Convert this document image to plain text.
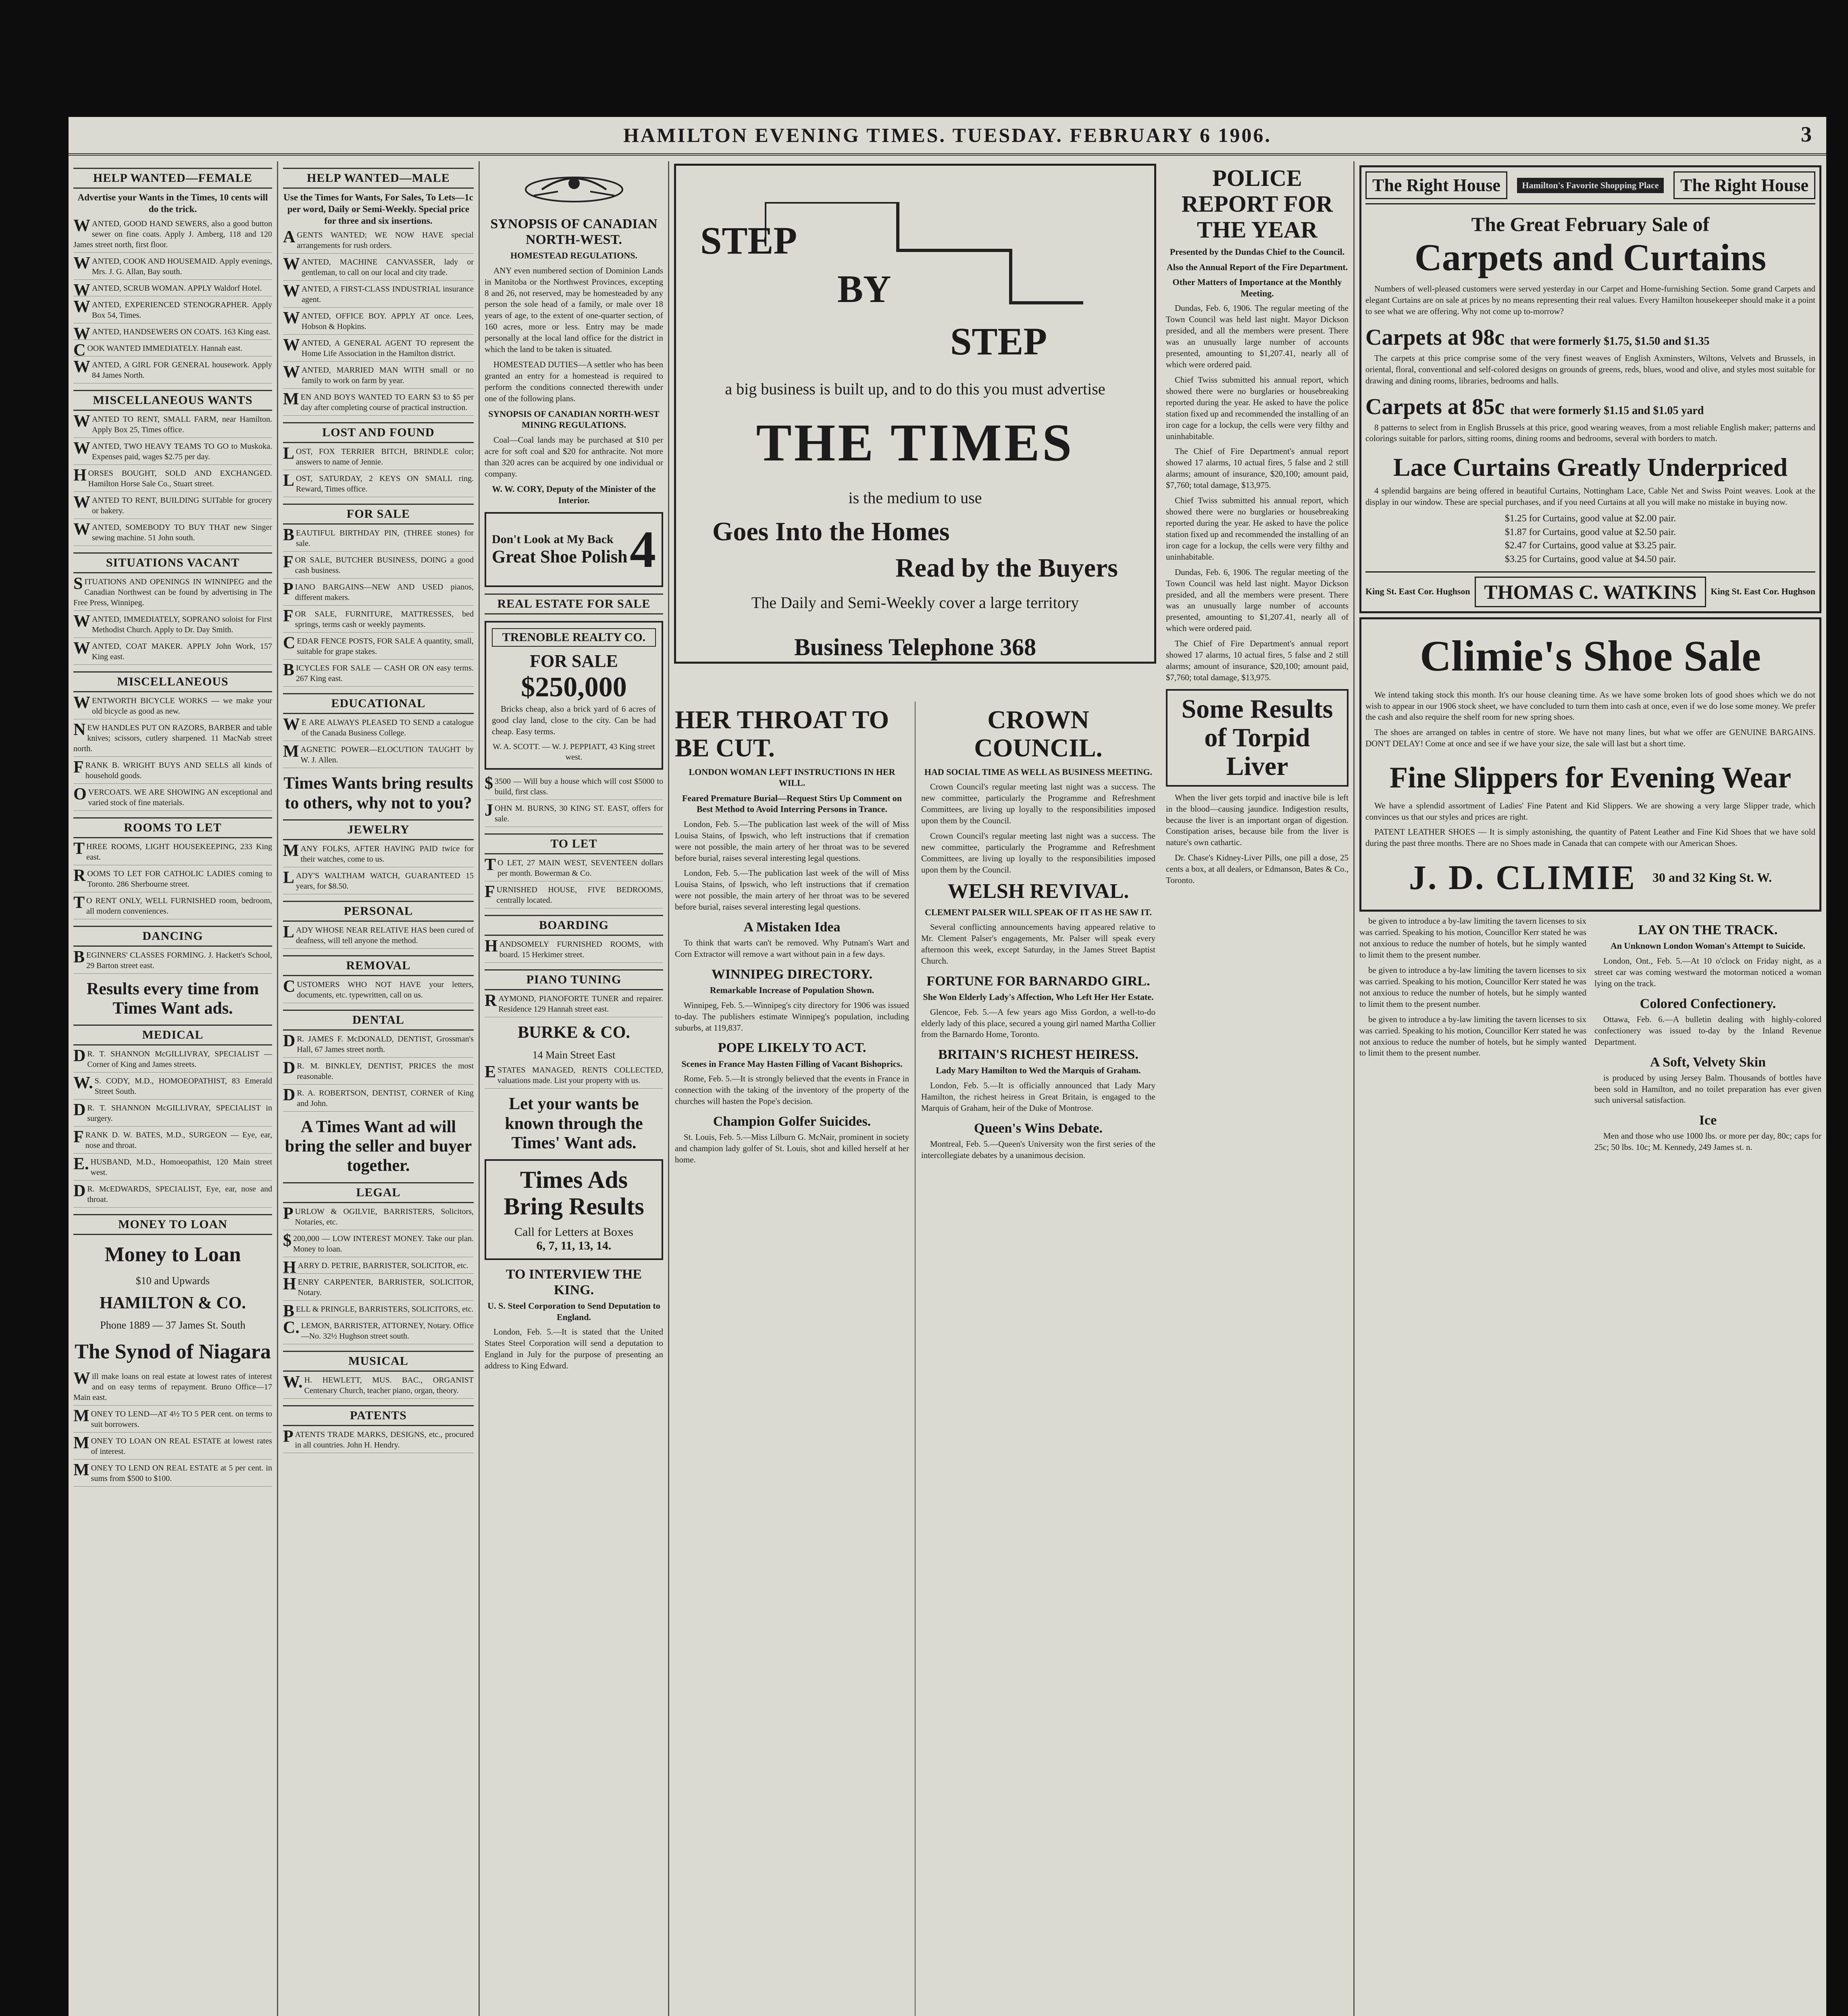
HAMILTON EVENING TIMES. TUESDAY. FEBRUARY 6 1906.	3
HELP WANTED—FEMALE
Advertise your Wants in the Times, 10 cents will do the trick.
WANTED, GOOD HAND SEWERS, also a good button sewer on fine coats. Apply J. Amberg, 118 and 120 James street north, first floor.
WANTED, COOK AND HOUSEMAID. Apply evenings, Mrs. J. G. Allan, Bay south.
WANTED, SCRUB WOMAN. APPLY Waldorf Hotel.
WANTED, EXPERIENCED STENOGRAPHER. Apply Box 54, Times.
WANTED, HANDSEWERS ON COATS. 163 King east.
COOK WANTED IMMEDIATELY. Hannah east.
WANTED, A GIRL FOR GENERAL housework. Apply 84 James North.
MISCELLANEOUS WANTS
WANTED TO RENT, SMALL FARM, near Hamilton. Apply Box 25, Times office.
WANTED, TWO HEAVY TEAMS TO GO to Muskoka. Expenses paid, wages $2.75 per day.
HORSES BOUGHT, SOLD AND EXCHANGED. Hamilton Horse Sale Co., Stuart street.
WANTED TO RENT, BUILDING SUITable for grocery or bakery.
WANTED, SOMEBODY TO BUY THAT new Singer sewing machine. 51 John south.
SITUATIONS VACANT
SITUATIONS AND OPENINGS IN WINNIPEG and the Canadian Northwest can be found by advertising in The Free Press, Winnipeg.
WANTED, IMMEDIATELY, SOPRANO soloist for First Methodist Church. Apply to Dr. Day Smith.
WANTED, COAT MAKER. APPLY John Work, 157 King east.
MISCELLANEOUS
WENTWORTH BICYCLE WORKS — we make your old bicycle as good as new.
NEW HANDLES PUT ON RAZORS, BARBER and table knives; scissors, cutlery sharpened. 11 MacNab street north.
FRANK B. WRIGHT BUYS AND SELLS all kinds of household goods.
OVERCOATS. WE ARE SHOWING AN exceptional and varied stock of fine materials.
ROOMS TO LET
THREE ROOMS, LIGHT HOUSEKEEPING, 233 King east.
ROOMS TO LET FOR CATHOLIC LADIES coming to Toronto. 286 Sherbourne street.
TO RENT ONLY, WELL FURNISHED room, bedroom, all modern conveniences.
DANCING
BEGINNERS' CLASSES FORMING. J. Hackett's School, 29 Barton street east.
Results every time from Times Want ads.
MEDICAL
DR. T. SHANNON McGILLIVRAY, SPECIALIST — Corner of King and James streets.
W.S. CODY, M.D., HOMOEOPATHIST, 83 Emerald Street South.
DR. T. SHANNON McGILLIVRAY, SPECIALIST in surgery.
FRANK D. W. BATES, M.D., SURGEON — Eye, ear, nose and throat.
E.HUSBAND, M.D., Homoeopathist, 120 Main street west.
DR. McEDWARDS, SPECIALIST, Eye, ear, nose and throat.
MONEY TO LOAN
Money to Loan
$10 and Upwards
HAMILTON & CO.
Phone 1889 — 37 James St. South
The Synod of Niagara
Will make loans on real estate at lowest rates of interest and on easy terms of repayment. Bruno Office—17 Main east.
MONEY TO LEND—AT 4½ TO 5 PER cent. on terms to suit borrowers.
MONEY TO LOAN ON REAL ESTATE at lowest rates of interest.
MONEY TO LEND ON REAL ESTATE at 5 per cent. in sums from $500 to $100.
HELP WANTED—MALE
Use the Times for Wants, For Sales, To Lets—1c per word, Daily or Semi-Weekly. Special price for three and six insertions.
AGENTS WANTED; WE NOW HAVE special arrangements for rush orders.
WANTED, MACHINE CANVASSER, lady or gentleman, to call on our local and city trade.
WANTED, A FIRST-CLASS INDUSTRIAL insurance agent.
WANTED, OFFICE BOY. APPLY AT once. Lees, Hobson & Hopkins.
WANTED, A GENERAL AGENT TO represent the Home Life Association in the Hamilton district.
WANTED, MARRIED MAN WITH small or no family to work on farm by year.
MEN AND BOYS WANTED TO EARN $3 to $5 per day after completing course of practical instruction.
LOST AND FOUND
LOST, FOX TERRIER BITCH, BRINDLE color; answers to name of Jennie.
LOST, SATURDAY, 2 KEYS ON SMALL ring. Reward, Times office.
FOR SALE
BEAUTIFUL BIRTHDAY PIN, (THREE stones) for sale.
FOR SALE, BUTCHER BUSINESS, DOING a good cash business.
PIANO BARGAINS—NEW AND USED pianos, different makers.
FOR SALE, FURNITURE, MATTRESSES, bed springs, terms cash or weekly payments.
CEDAR FENCE POSTS, FOR SALE A quantity, small, suitable for grape stakes.
BICYCLES FOR SALE — CASH OR ON easy terms. 267 King east.
EDUCATIONAL
WE ARE ALWAYS PLEASED TO SEND a catalogue of the Canada Business College.
MAGNETIC POWER—ELOCUTION TAUGHT by W. J. Allen.
Times Wants bring results to others, why not to you?
JEWELRY
MANY FOLKS, AFTER HAVING PAID twice for their watches, come to us.
LADY'S WALTHAM WATCH, GUARANTEED 15 years, for $8.50.
PERSONAL
LADY WHOSE NEAR RELATIVE HAS been cured of deafness, will tell anyone the method.
REMOVAL
CUSTOMERS WHO NOT HAVE your letters, documents, etc. typewritten, call on us.
DENTAL
DR. JAMES F. McDONALD, DENTIST, Grossman's Hall, 67 James street north.
DR. M. BINKLEY, DENTIST, PRICES the most reasonable.
DR. A. ROBERTSON, DENTIST, CORNER of King and John.
A Times Want ad will bring the seller and buyer together.
LEGAL
PURLOW & OGILVIE, BARRISTERS, Solicitors, Notaries, etc.
$200,000 — LOW INTEREST MONEY. Take our plan. Money to loan.
HARRY D. PETRIE, BARRISTER, SOLICITOR, etc.
HENRY CARPENTER, BARRISTER, SOLICITOR, Notary.
BELL & PRINGLE, BARRISTERS, SOLICITORS, etc.
C.LEMON, BARRISTER, ATTORNEY, Notary. Office—No. 32½ Hughson street south.
MUSICAL
W.H. HEWLETT, MUS. BAC., ORGANIST Centenary Church, teacher piano, organ, theory.
PATENTS
PATENTS TRADE MARKS, DESIGNS, etc., procured in all countries. John H. Hendry.
SYNOPSIS OF CANADIAN NORTH-WEST.
HOMESTEAD REGULATIONS.

ANY even numbered section of Dominion Lands in Manitoba or the Northwest Provinces, excepting 8 and 26, not reserved, may be homesteaded by any person the sole head of a family, or male over 18 years of age, to the extent of one-quarter section, of 160 acres, more or less. Entry may be made personally at the local land office for the district in which the land to be taken is situated.

HOMESTEAD DUTIES—A settler who has been granted an entry for a homestead is required to perform the conditions connected therewith under one of the following plans.

SYNOPSIS OF CANADIAN NORTH-WEST MINING REGULATIONS.

Coal—Coal lands may be purchased at $10 per acre for soft coal and $20 for anthracite. Not more than 320 acres can be acquired by one individual or company.

W. W. CORY, Deputy of the Minister of the Interior.
Don't Look at My Back
Great Shoe Polish 4
REAL ESTATE FOR SALE
TRENOBLE REALTY CO.
FOR SALE
$250,000

Bricks cheap, also a brick yard of 6 acres of good clay land, close to the city. Can be had cheap. Easy terms.

W. A. SCOTT. — W. J. PEPPIATT, 43 King street west.
$3500 — Will buy a house which will cost $5000 to build, first class.
JOHN M. BURNS, 30 KING ST. EAST, offers for sale.
TO LET
TO LET, 27 MAIN WEST, SEVENTEEN dollars per month. Bowerman & Co.
FURNISHED HOUSE, FIVE BEDROOMS, centrally located.
BOARDING
HANDSOMELY FURNISHED ROOMS, with board. 15 Herkimer street.
PIANO TUNING
RAYMOND, PIANOFORTE TUNER and repairer. Residence 129 Hannah street east.
BURKE & CO.
14 Main Street East
ESTATES MANAGED, RENTS COLLECTED, valuations made. List your property with us.
Let your wants be known through the Times' Want ads.
Times Ads Bring Results
Call for Letters at Boxes
6, 7, 11, 13, 14.
TO INTERVIEW THE KING.
U. S. Steel Corporation to Send Deputation to England.

London, Feb. 5.—It is stated that the United States Steel Corporation will send a deputation to England in July for the purpose of presenting an address to King Edward.

STEP
BY
STEP
a big business is built up, and to do this you must advertise
THE TIMES
is the medium to use
Goes Into the Homes
Read by the Buyers
The Daily and Semi-Weekly cover a large territory
Business Telephone 368
HER THROAT TO BE CUT.
LONDON WOMAN LEFT INSTRUCTIONS IN HER WILL.
Feared Premature Burial—Request Stirs Up Comment on Best Method to Avoid Interring Persons in Trance.

London, Feb. 5.—The publication last week of the will of Miss Louisa Stains, of Ipswich, who left instructions that if cremation were not possible, the main artery of her throat was to be severed before burial, raises several interesting legal questions.

London, Feb. 5.—The publication last week of the will of Miss Louisa Stains, of Ipswich, who left instructions that if cremation were not possible, the main artery of her throat was to be severed before burial, raises several interesting legal questions.

A Mistaken Idea

To think that warts can't be removed. Why Putnam's Wart and Corn Extractor will remove a wart without pain in a few days.

WINNIPEG DIRECTORY.
Remarkable Increase of Population Shown.

Winnipeg, Feb. 5.—Winnipeg's city directory for 1906 was issued to-day. The publishers estimate Winnipeg's population, including suburbs, at 119,837.

POPE LIKELY TO ACT.
Scenes in France May Hasten Filling of Vacant Bishoprics.

Rome, Feb. 5.—It is strongly believed that the events in France in connection with the taking of the inventory of the property of the churches will hasten the Pope's decision.

Champion Golfer Suicides.

St. Louis, Feb. 5.—Miss Lilburn G. McNair, prominent in society and champion lady golfer of St. Louis, shot and killed herself at her home.

CROWN COUNCIL.
HAD SOCIAL TIME AS WELL AS BUSINESS MEETING.

Crown Council's regular meeting last night was a success. The new committee, particularly the Programme and Refreshment Committees, are living up loyally to the responsibilities imposed upon them by the Council.

Crown Council's regular meeting last night was a success. The new committee, particularly the Programme and Refreshment Committees, are living up loyally to the responsibilities imposed upon them by the Council.

WELSH REVIVAL.
CLEMENT PALSER WILL SPEAK OF IT AS HE SAW IT.

Several conflicting announcements having appeared relative to Mr. Clement Palser's engagements, Mr. Palser will speak every afternoon this week, except Saturday, in the James Street Baptist Church.

FORTUNE FOR BARNARDO GIRL.
She Won Elderly Lady's Affection, Who Left Her Her Estate.

Glencoe, Feb. 5.—A few years ago Miss Gordon, a well-to-do elderly lady of this place, secured a young girl named Martha Collier from the Barnardo Home, Toronto.

BRITAIN'S RICHEST HEIRESS.
Lady Mary Hamilton to Wed the Marquis of Graham.

London, Feb. 5.—It is officially announced that Lady Mary Hamilton, the richest heiress in Great Britain, is engaged to the Marquis of Graham, heir of the Duke of Montrose.

Queen's Wins Debate.

Montreal, Feb. 5.—Queen's University won the first series of the intercollegiate debates by a unanimous decision.

POLICE REPORT FOR THE YEAR
Presented by the Dundas Chief to the Council.
Also the Annual Report of the Fire Department.
Other Matters of Importance at the Monthly Meeting.

Dundas, Feb. 6, 1906. The regular meeting of the Town Council was held last night. Mayor Dickson presided, and all the members were present. There was an unusually large number of accounts presented, amounting to $1,207.41, nearly all of which were ordered paid.

Chief Twiss submitted his annual report, which showed there were no burglaries or housebreaking reported during the year. He asked to have the police station fixed up and recommended the installing of an iron cage for a lockup, the cells were very filthy and uninhabitable.

The Chief of Fire Department's annual report showed 17 alarms, 10 actual fires, 5 false and 2 still alarms; amount of insurance, $20,100; amount paid, $7,760; total damage, $13,975.

Chief Twiss submitted his annual report, which showed there were no burglaries or housebreaking reported during the year. He asked to have the police station fixed up and recommended the installing of an iron cage for a lockup, the cells were very filthy and uninhabitable.

Dundas, Feb. 6, 1906. The regular meeting of the Town Council was held last night. Mayor Dickson presided, and all the members were present. There was an unusually large number of accounts presented, amounting to $1,207.41, nearly all of which were ordered paid.

The Chief of Fire Department's annual report showed 17 alarms, 10 actual fires, 5 false and 2 still alarms; amount of insurance, $20,100; amount paid, $7,760; total damage, $13,975.

Some Results of Torpid Liver

When the liver gets torpid and inactive bile is left in the blood—causing jaundice. Indigestion results, because the liver is an important organ of digestion. Constipation arises, because bile from the liver is nature's own cathartic.

Dr. Chase's Kidney-Liver Pills, one pill a dose, 25 cents a box, at all dealers, or Edmanson, Bates & Co., Toronto.

The Right House	Hamilton's Favorite Shopping Place	The Right House
The Great February Sale of
Carpets and Curtains

Numbers of well-pleased customers were served yesterday in our Carpet and Home-furnishing Section. Some grand Carpets and elegant Curtains are on sale at prices by no means representing their real values. Every Hamilton housekeeper should make it a point to see what we are offering. Why not come up to-morrow?

Carpets at 98c that were formerly $1.75, $1.50 and $1.35

The carpets at this price comprise some of the very finest weaves of English Axminsters, Wiltons, Velvets and Brussels, in oriental, floral, conventional and self-colored designs on grounds of greens, reds, blues, wood and olive, and styles most suitable for drawing and dining rooms, libraries, bedrooms and halls.

Carpets at 85c that were formerly $1.15 and $1.05 yard

8 patterns to select from in English Brussels at this price, good wearing weaves, from a most reliable English maker; patterns and colorings suitable for parlors, sitting rooms, dining rooms and bedrooms, several with borders to match.

Lace Curtains Greatly Underpriced

4 splendid bargains are being offered in beautiful Curtains, Nottingham Lace, Cable Net and Swiss Point weaves. Look at the display in our window. These are special purchases, and if you need Curtains at all you will make no mistake in buying now.

$1.25 for Curtains, good value at $2.00 pair.
$1.87 for Curtains, good value at $2.50 pair.
$2.47 for Curtains, good value at $3.25 pair.
$3.25 for Curtains, good value at $4.50 pair.
King St. East Cor. Hughson THOMAS C. WATKINS	King St. East Cor. Hughson
Climie's Shoe Sale

We intend taking stock this month. It's our house cleaning time. As we have some broken lots of good shoes which we do not wish to appear in our 1906 stock sheet, we have concluded to turn them into cash at once, even if we do lose some money. We prefer the cash and also require the shelf room for new spring shoes.

The shoes are arranged on tables in centre of store. We have not many lines, but what we offer are GENUINE BARGAINS. DON'T DELAY! Come at once and see if we have your size, the sale will last but a short time.

Fine Slippers for Evening Wear

We have a splendid assortment of Ladies' Fine Patent and Kid Slippers. We are showing a very large Slipper trade, which convinces us that our styles and prices are right.

PATENT LEATHER SHOES — It is simply astonishing, the quantity of Patent Leather and Fine Kid Shoes that we have sold during the past three months. There are no Shoes made in Canada that can compete with our American Shoes.

J. D. CLIMIE 30 and 32 King St. W.

be given to introduce a by-law limiting the tavern licenses to six was carried. Speaking to his motion, Councillor Kerr stated he was not anxious to reduce the number of hotels, but he simply wanted to limit them to the present number.

be given to introduce a by-law limiting the tavern licenses to six was carried. Speaking to his motion, Councillor Kerr stated he was not anxious to reduce the number of hotels, but he simply wanted to limit them to the present number.

be given to introduce a by-law limiting the tavern licenses to six was carried. Speaking to his motion, Councillor Kerr stated he was not anxious to reduce the number of hotels, but he simply wanted to limit them to the present number.

LAY ON THE TRACK.
An Unknown London Woman's Attempt to Suicide.

London, Ont., Feb. 5.—At 10 o'clock on Friday night, as a street car was coming westward the motorman noticed a woman lying on the track.

Colored Confectionery.

Ottawa, Feb. 6.—A bulletin dealing with highly-colored confectionery was issued to-day by the Inland Revenue Department.

A Soft, Velvety Skin

is produced by using Jersey Balm. Thousands of bottles have been sold in Hamilton, and no toilet preparation has ever given such universal satisfaction.

Ice

Men and those who use 1000 lbs. or more per day, 80c; caps for 25c; 50 lbs. 10c; M. Kennedy, 249 James st. n.
